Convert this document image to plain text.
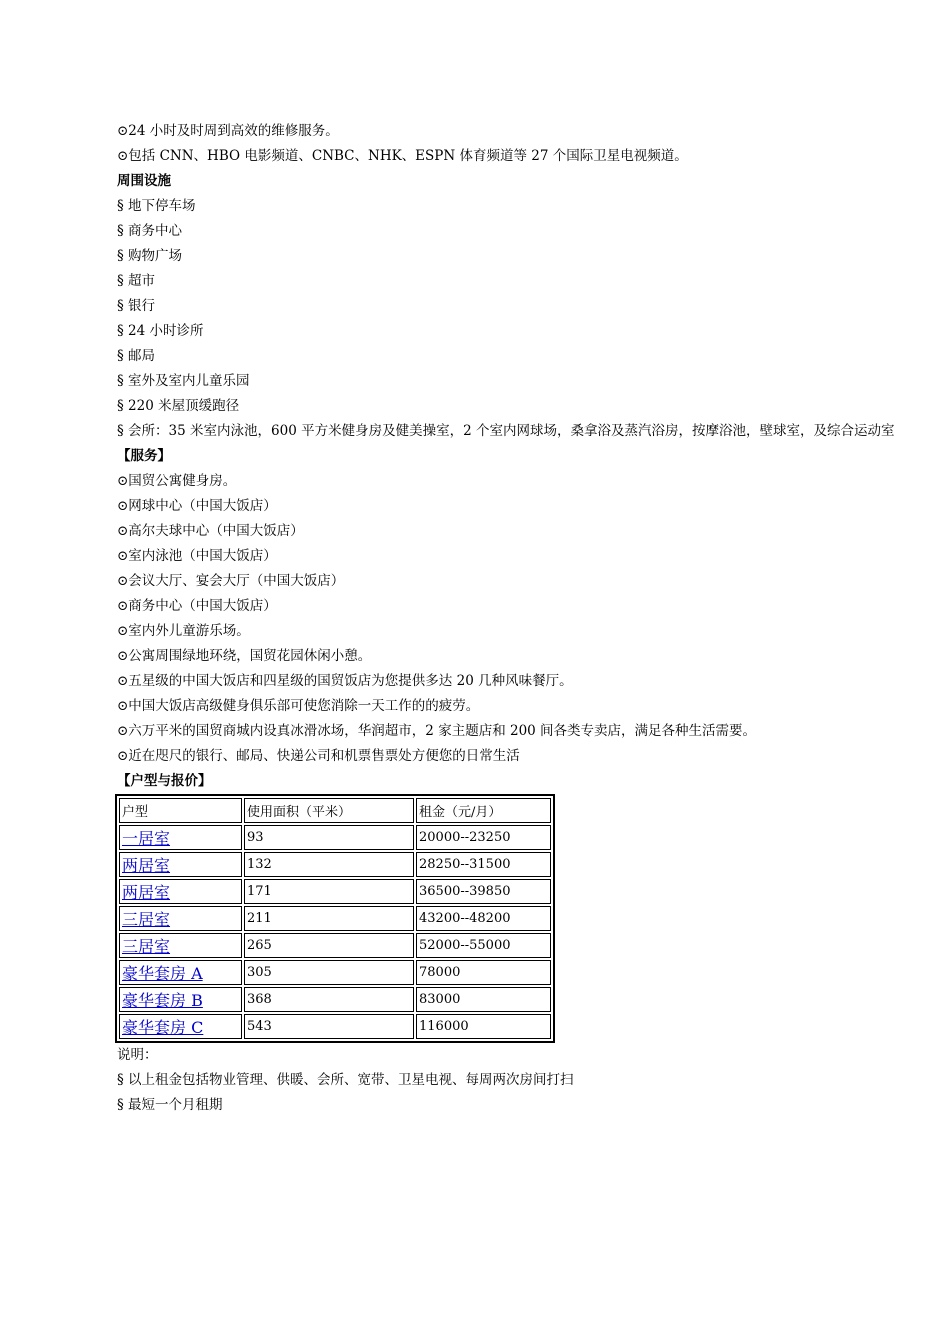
⊙24 小时及时周到高效的维修服务。
⊙包括 CNN、HBO 电影频道、CNBC、NHK、ESPN 体育频道等 27 个国际卫星电视频道。
周围设施
§ 地下停车场
§ 商务中心
§ 购物广场
§ 超市
§ 银行
§ 24 小时诊所
§ 邮局
§ 室外及室内儿童乐园
§ 220 米屋顶缓跑径
§ 会所：35 米室内泳池，600 平方米健身房及健美操室，2 个室内网球场，桑拿浴及蒸汽浴房，按摩浴池，壁球室，及综合运动室
【服务】
⊙国贸公寓健身房。
⊙网球中心（中国大饭店）
⊙高尔夫球中心（中国大饭店）
⊙室内泳池（中国大饭店）
⊙会议大厅、宴会大厅（中国大饭店）
⊙商务中心（中国大饭店）
⊙室内外儿童游乐场。
⊙公寓周围绿地环绕，国贸花园休闲小憩。
⊙五星级的中国大饭店和四星级的国贸饭店为您提供多达 20 几种风味餐厅。
⊙中国大饭店高级健身俱乐部可使您消除一天工作的的疲劳。
⊙六万平米的国贸商城内设真冰滑冰场，华润超市，2 家主题店和 200 间各类专卖店，满足各种生活需要。
⊙近在咫尺的银行、邮局、快递公司和机票售票处方便您的日常生活
【户型与报价】
户型	使用面积（平米）	租金（元/月）
一居室	93	20000--23250
两居室	132	28250--31500
两居室	171	36500--39850
三居室	211	43200--48200
三居室	265	52000--55000
豪华套房 A	305	78000
豪华套房 B	368	83000
豪华套房 C	543	116000
说明：
§ 以上租金包括物业管理、供暖、会所、宽带、卫星电视、每周两次房间打扫
§ 最短一个月租期
